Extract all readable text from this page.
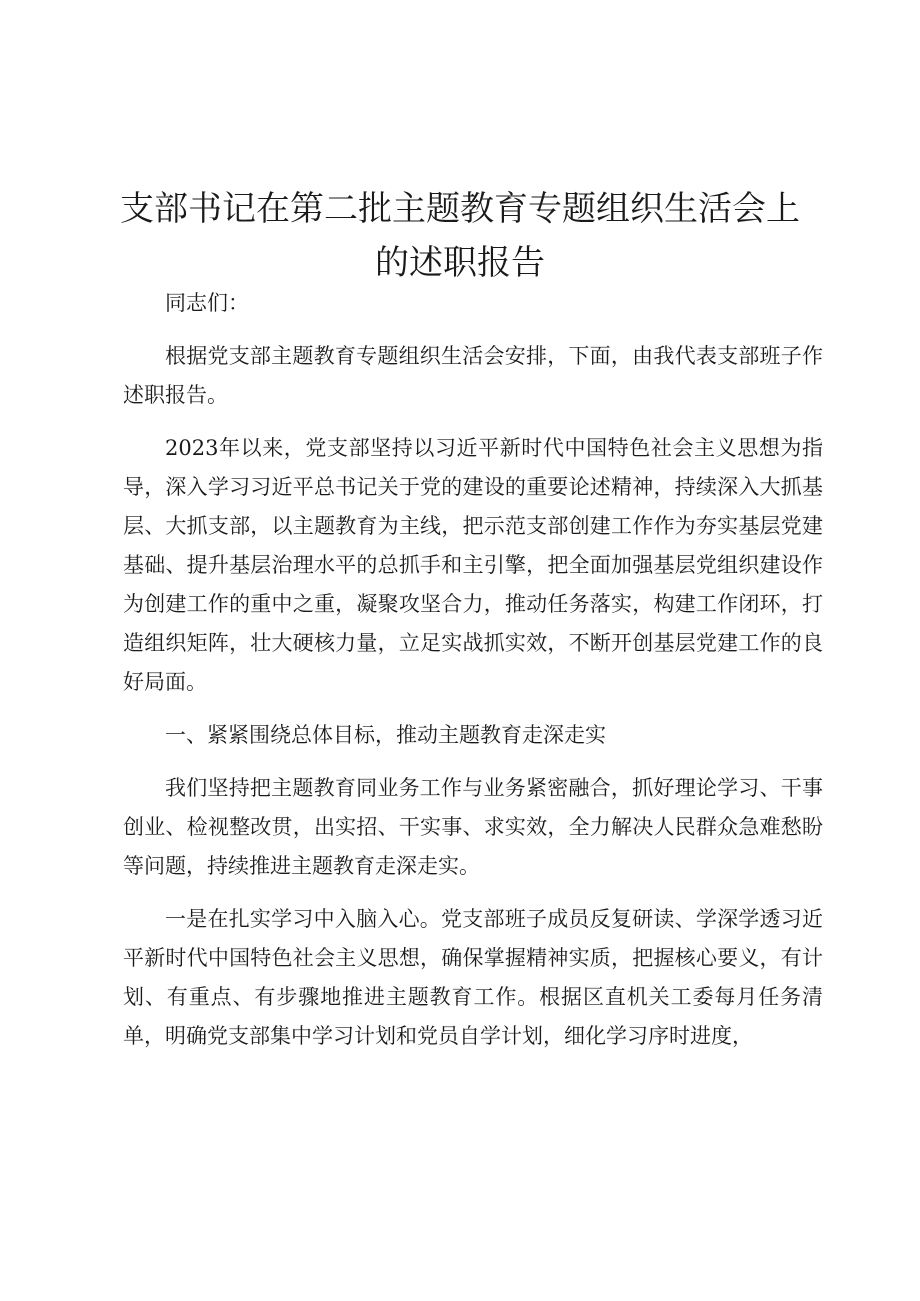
支部书记在第二批主题教育专题组织生活会上的述职报告

同志们：

根据党支部主题教育专题组织生活会安排，下面，由我代表支部班子作述职报告。

2023年以来，党支部坚持以习近平新时代中国特色社会主义思想为指导，深入学习习近平总书记关于党的建设的重要论述精神，持续深入大抓基层、大抓支部，以主题教育为主线，把示范支部创建工作作为夯实基层党建基础、提升基层治理水平的总抓手和主引擎，把全面加强基层党组织建设作为创建工作的重中之重，凝聚攻坚合力，推动任务落实，构建工作闭环，打造组织矩阵，壮大硬核力量，立足实战抓实效，不断开创基层党建工作的良好局面。

一、紧紧围绕总体目标，推动主题教育走深走实

我们坚持把主题教育同业务工作与业务紧密融合，抓好理论学习、干事创业、检视整改贯，出实招、干实事、求实效，全力解决人民群众急难愁盼等问题，持续推进主题教育走深走实。

一是在扎实学习中入脑入心。党支部班子成员反复研读、学深学透习近平新时代中国特色社会主义思想，确保掌握精神实质，把握核心要义，有计划、有重点、有步骤地推进主题教育工作。根据区直机关工委每月任务清单，明确党支部集中学习计划和党员自学计划，细化学习序时进度，
